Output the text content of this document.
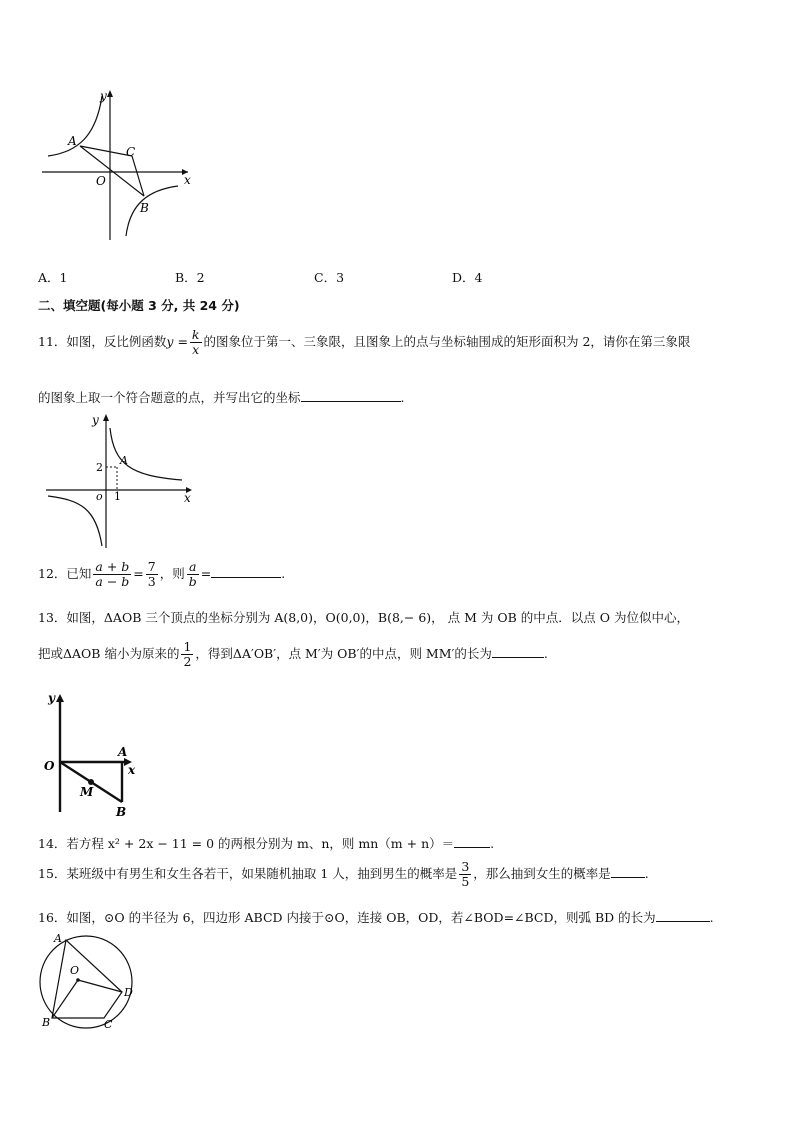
y
x
O
A
C
B
A．1	B．2	C．3	D．4
二、填空题(每小题 3 分, 共 24 分)
11．如图，反比例函数$y = \frac{k}{x}$ 的图象位于第一、三象限，且图象上的点与坐标轴围成的矩形面积为 2，请你在第三象限
的图象上取一个符合题意的点，并写出它的坐标	.
y
x
o
2
1
A
12．已知 $\frac{a + b}{a - b} = \frac{7}{3}$ ，则 $\frac{a}{b}$ =	.
13．如图，ΔAOB 三个顶点的坐标分别为 A(8,0)，O(0,0)，B(8,− 6)， 点 M 为 OB 的中点．以点 O 为位似中心，
把或ΔAOB 缩小为原来的 $\frac{1}{2}$ ，得到ΔA′OB′，点 M′为 OB′的中点，则 MM′的长为	.
y
O
A
x
M
B
14．若方程 x² + 2x − 11 = 0 的两根分别为 m、n，则 mn（m + n）＝	.
15．某班级中有男生和女生各若干，如果随机抽取 1 人，抽到男生的概率是 $\frac{3}{5}$ ，那么抽到女生的概率是	.
16．如图，⊙O 的半径为 6，四边形 ABCD 内接于⊙O，连接 OB，OD，若∠BOD=∠BCD，则弧 BD 的长为	.
A
O
D
B	C
